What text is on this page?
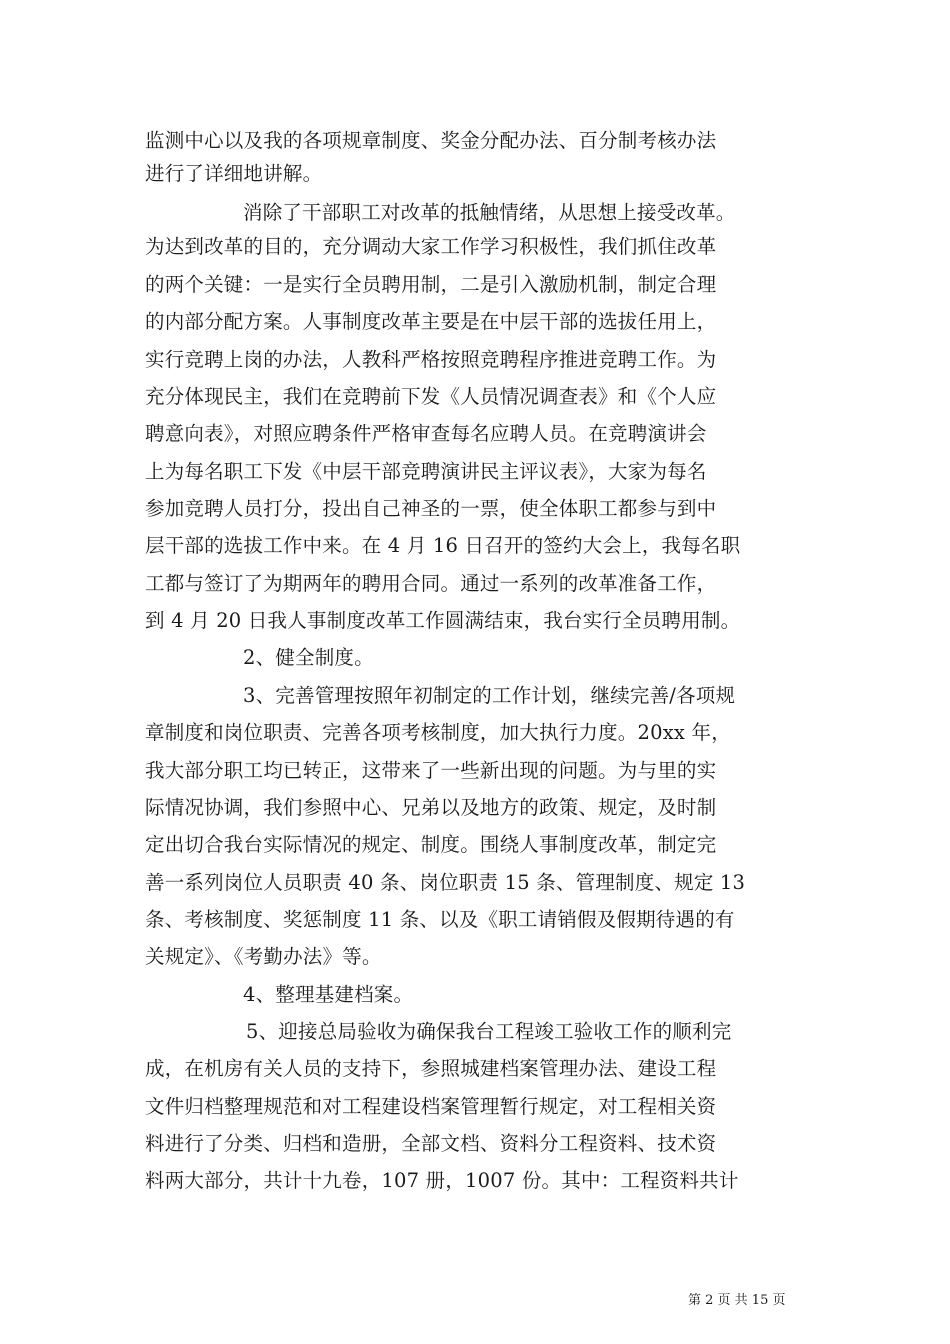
监测中心以及我的各项规章制度、奖金分配办法、百分制考核办法
进行了详细地讲解。
消除了干部职工对改革的抵触情绪，从思想上接受改革。
为达到改革的目的，充分调动大家工作学习积极性，我们抓住改革
的两个关键：一是实行全员聘用制，二是引入激励机制，制定合理
的内部分配方案。人事制度改革主要是在中层干部的选拔任用上，
实行竞聘上岗的办法，人教科严格按照竞聘程序推进竞聘工作。为
充分体现民主，我们在竞聘前下发《人员情况调查表》和《个人应
聘意向表》，对照应聘条件严格审查每名应聘人员。在竞聘演讲会
上为每名职工下发《中层干部竞聘演讲民主评议表》，大家为每名
参加竞聘人员打分，投出自己神圣的一票，使全体职工都参与到中
层干部的选拔工作中来。在 4 月 16 日召开的签约大会上，我每名职
工都与签订了为期两年的聘用合同。通过一系列的改革准备工作，
到 4 月 20 日我人事制度改革工作圆满结束，我台实行全员聘用制。
2、健全制度。
3、完善管理按照年初制定的工作计划，继续完善/各项规
章制度和岗位职责、完善各项考核制度，加大执行力度。20xx 年，
我大部分职工均已转正，这带来了一些新出现的问题。为与里的实
际情况协调，我们参照中心、兄弟以及地方的政策、规定，及时制
定出切合我台实际情况的规定、制度。围绕人事制度改革，制定完
善一系列岗位人员职责 40 条、岗位职责 15 条、管理制度、规定 13
条、考核制度、奖惩制度 11 条、以及《职工请销假及假期待遇的有
关规定》、《考勤办法》等。
4、整理基建档案。
5、迎接总局验收为确保我台工程竣工验收工作的顺利完
成，在机房有关人员的支持下，参照城建档案管理办法、建设工程
文件归档整理规范和对工程建设档案管理暂行规定，对工程相关资
料进行了分类、归档和造册，全部文档、资料分工程资料、技术资
料两大部分，共计十九卷，107 册，1007 份。其中：工程资料共计
第 2 页 共 15 页
